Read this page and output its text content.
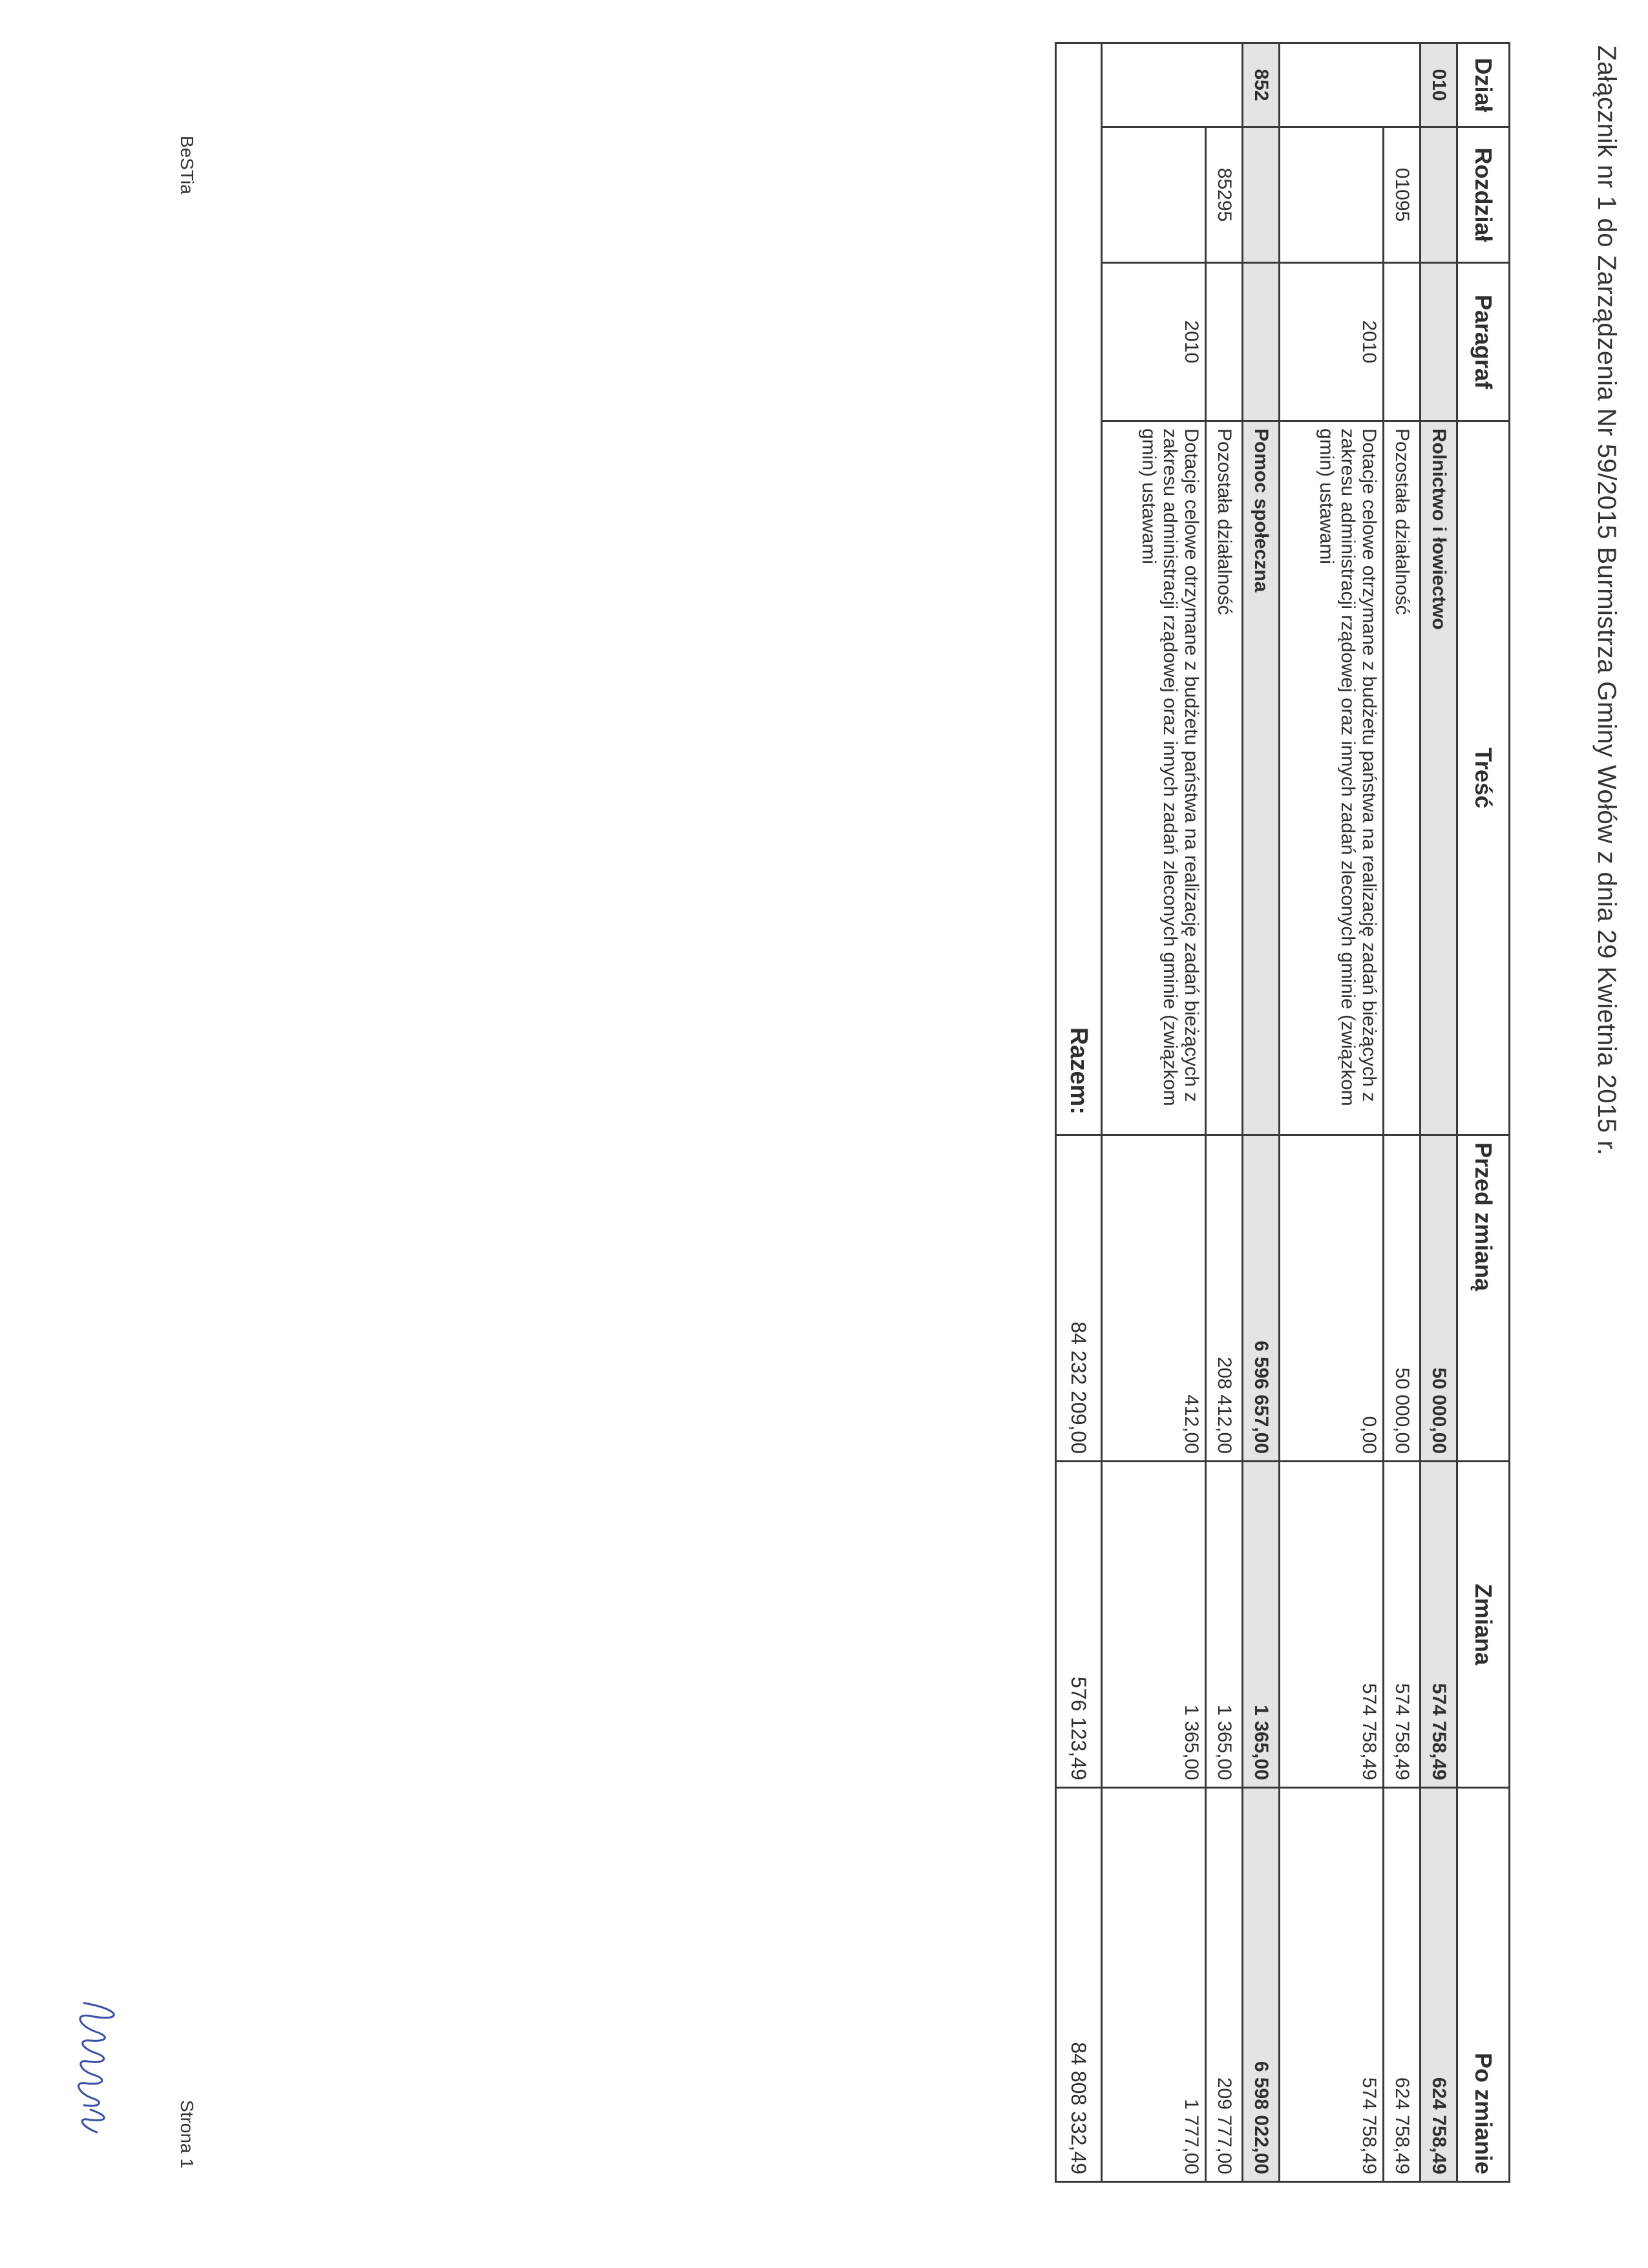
Załącznik nr 1 do Zarządzenia Nr 59/2015 Burmistrza Gminy Wołów z dnia 29 Kwietnia 2015 r.
Dział	Rozdział	Paragraf	Treść	Przed zmianą	Zmiana	Po zmianie
010			Rolnictwo i łowiectwo	50 000,00	574 758,49	624 758,49
	01095		Pozostała działalność	50 000,00	574 758,49	624 758,49
		2010	Dotacje celowe otrzymane z budżetu państwa na realizację zadań bieżących z zakresu administracji rządowej oraz innych zadań zleconych gminie (związkom gmin) ustawami	0,00	574 758,49	574 758,49
852			Pomoc społeczna	6 596 657,00	1 365,00	6 598 022,00
	85295		Pozostała działalność	208 412,00	1 365,00	209 777,00
		2010	Dotacje celowe otrzymane z budżetu państwa na realizację zadań bieżących z zakresu administracji rządowej oraz innych zadań zleconych gminie (związkom gmin) ustawami	412,00	1 365,00	1 777,00
Razem:				84 232 209,00	576 123,49	84 808 332,49
BeSTia
Strona 1
